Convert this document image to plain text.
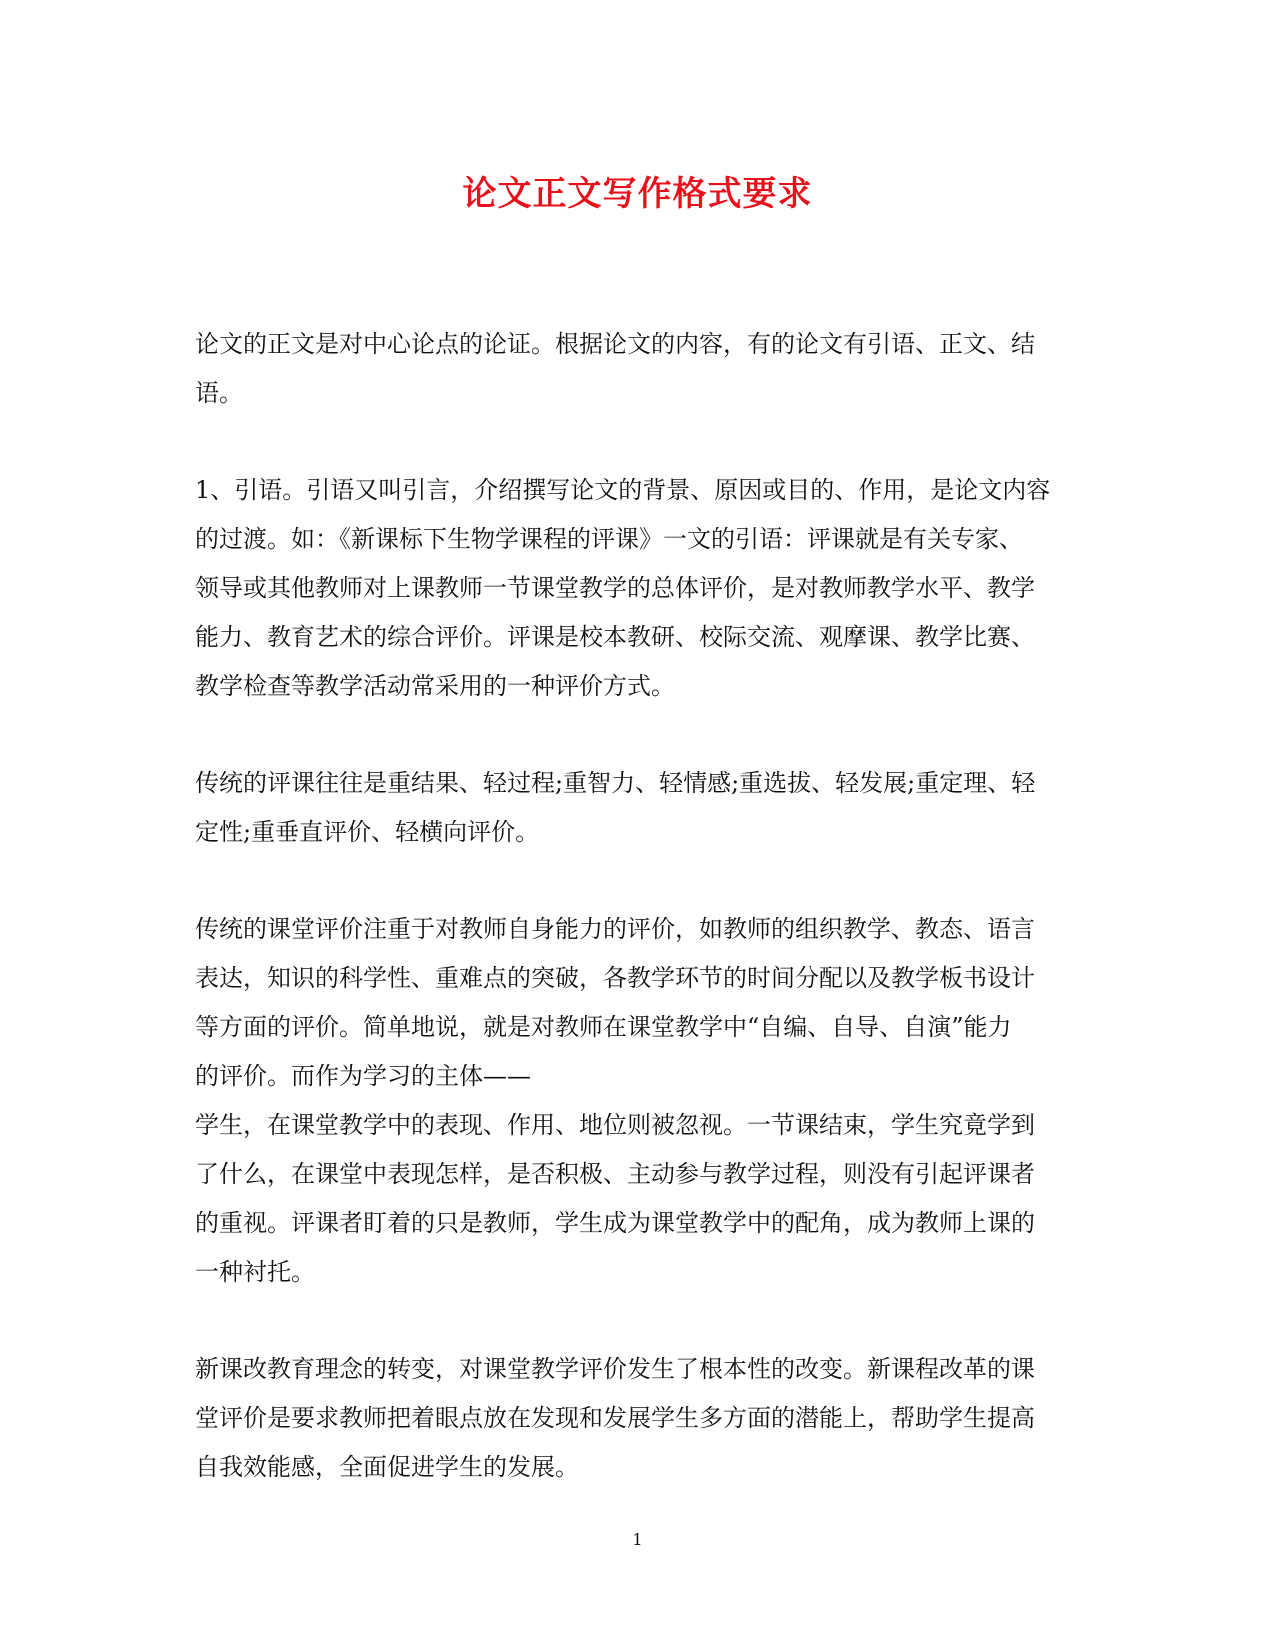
论文正文写作格式要求

论文的正文是对中心论点的论证。根据论文的内容，有的论文有引语、正文、结
语。

1、引语。引语又叫引言，介绍撰写论文的背景、原因或目的、作用，是论文内容
的过渡。如：《新课标下生物学课程的评课》一文的引语：评课就是有关专家、
领导或其他教师对上课教师一节课堂教学的总体评价，是对教师教学水平、教学
能力、教育艺术的综合评价。评课是校本教研、校际交流、观摩课、教学比赛、
教学检查等教学活动常采用的一种评价方式。

传统的评课往往是重结果、轻过程;重智力、轻情感;重选拔、轻发展;重定理、轻
定性;重垂直评价、轻横向评价。

传统的课堂评价注重于对教师自身能力的评价，如教师的组织教学、教态、语言
表达，知识的科学性、重难点的突破，各教学环节的时间分配以及教学板书设计
等方面的评价。简单地说，就是对教师在课堂教学中“自编、自导、自演”能力
的评价。而作为学习的主体——
学生，在课堂教学中的表现、作用、地位则被忽视。一节课结束，学生究竟学到
了什么，在课堂中表现怎样，是否积极、主动参与教学过程，则没有引起评课者
的重视。评课者盯着的只是教师，学生成为课堂教学中的配角，成为教师上课的
一种衬托。

新课改教育理念的转变，对课堂教学评价发生了根本性的改变。新课程改革的课
堂评价是要求教师把着眼点放在发现和发展学生多方面的潜能上，帮助学生提高
自我效能感，全面促进学生的发展。

1
